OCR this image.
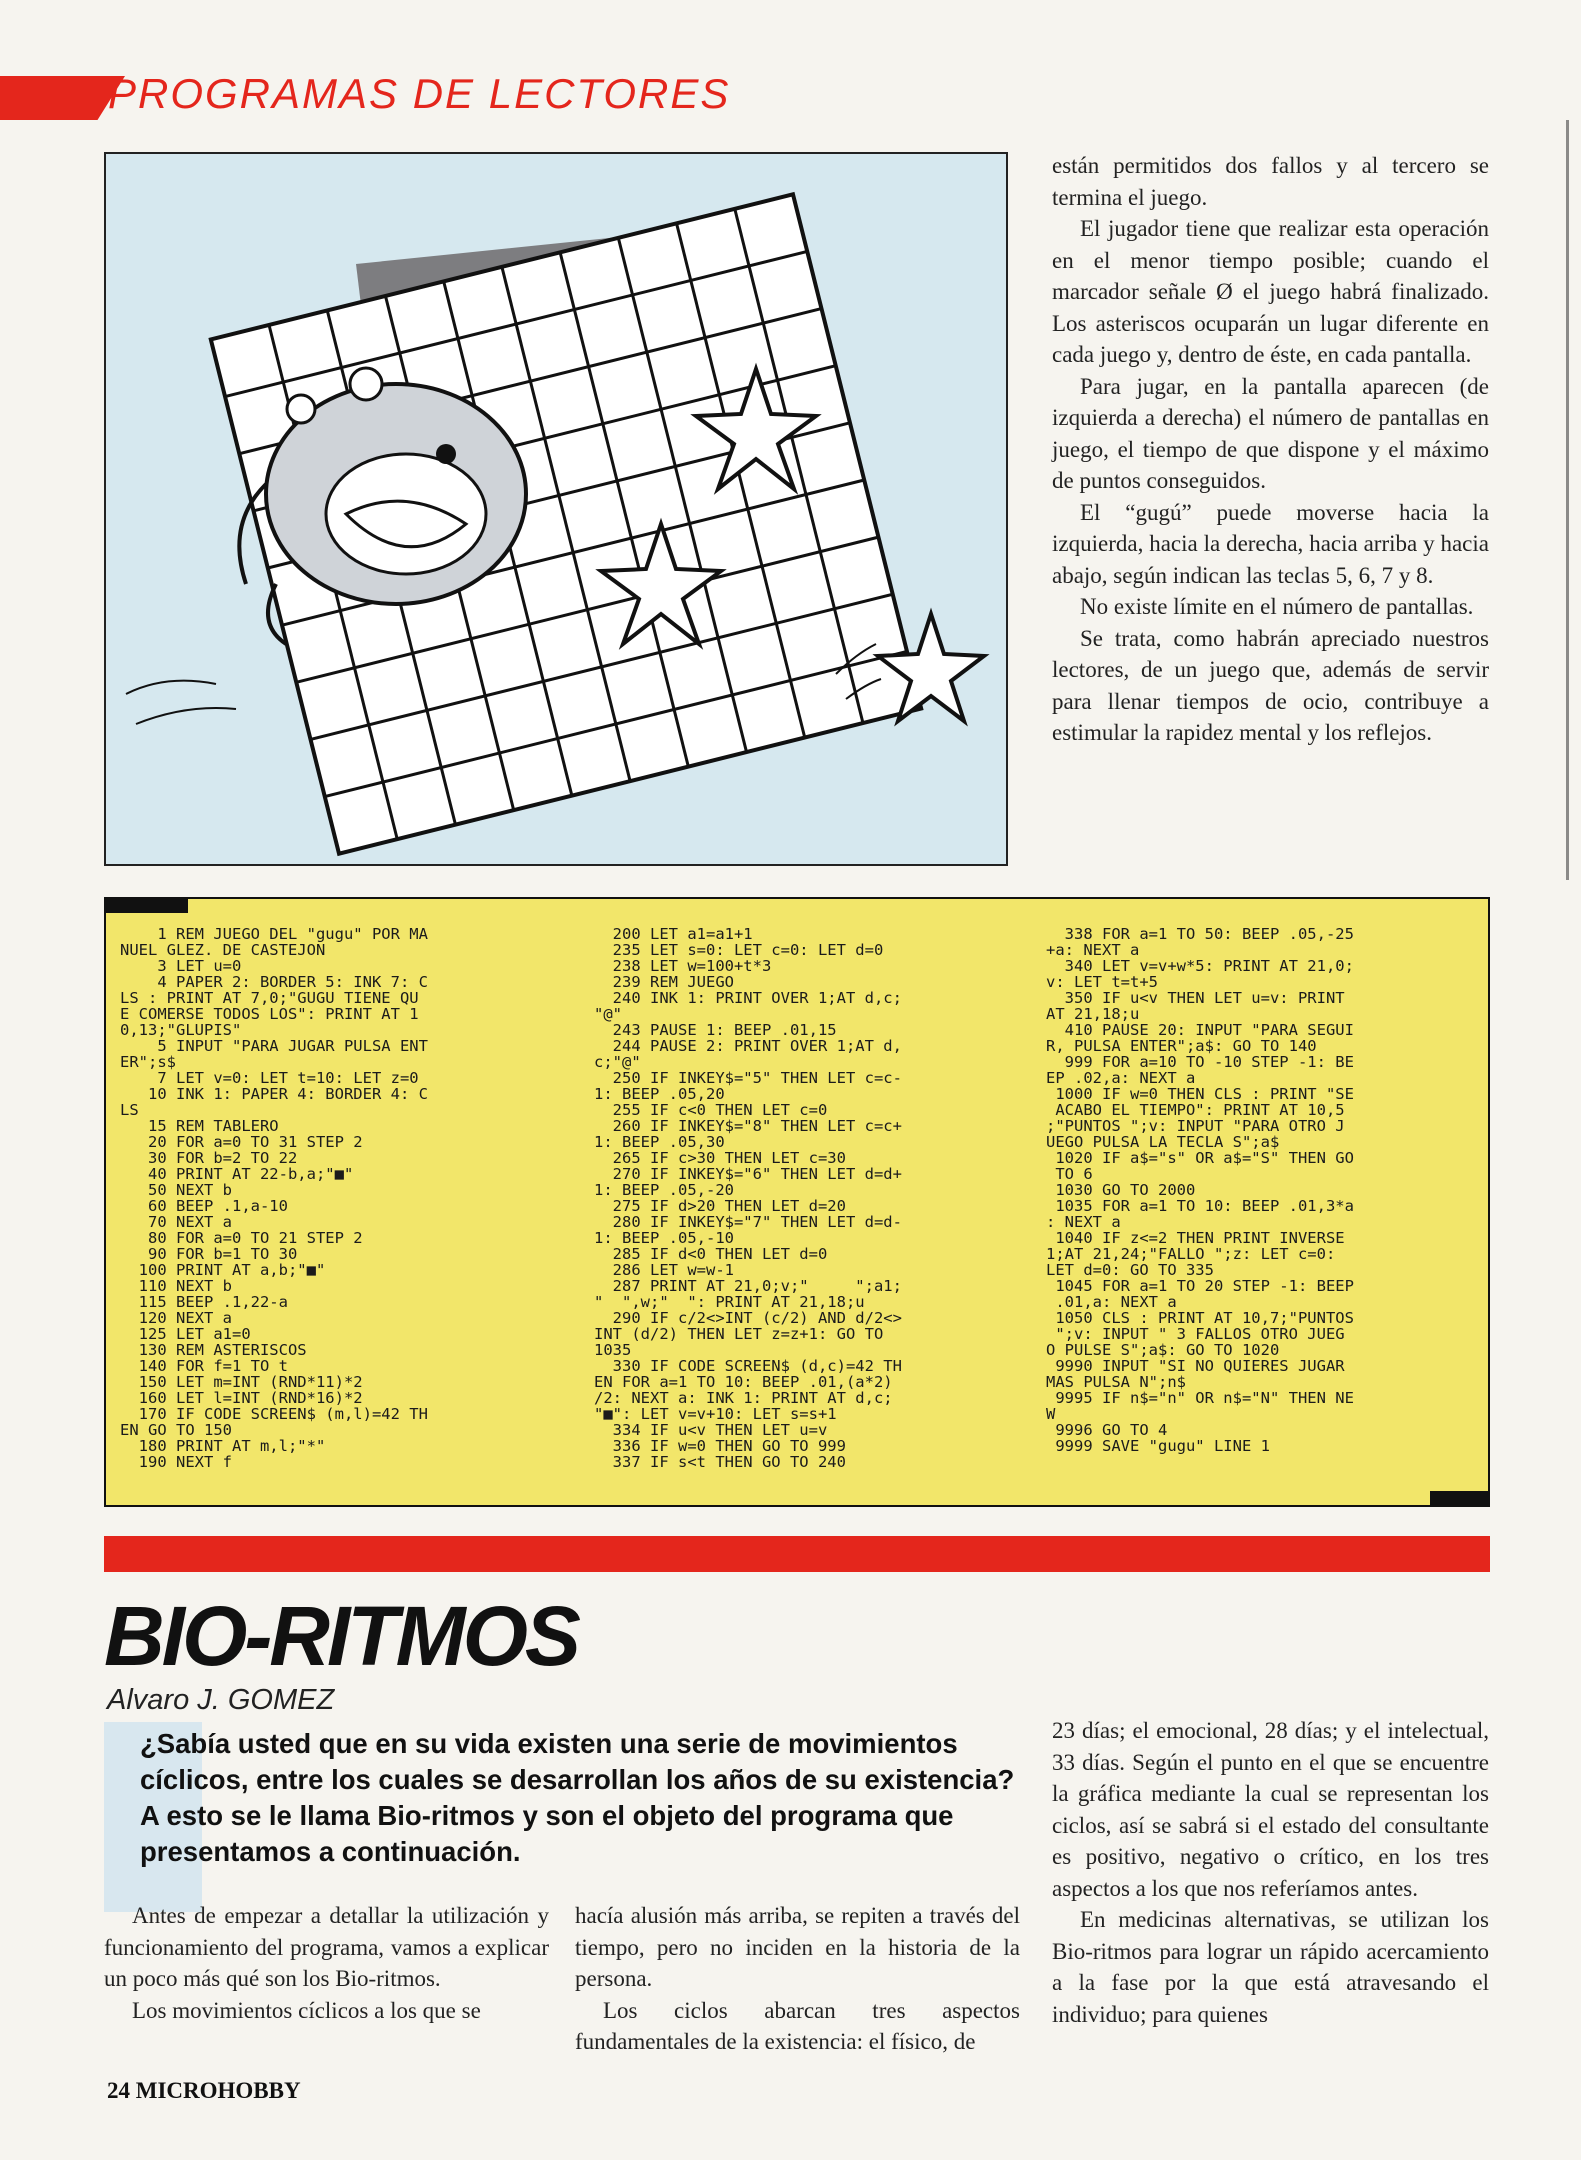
PROGRAMAS DE LECTORES

están permitidos dos fallos y al tercero se termina el juego.

El jugador tiene que realizar esta operación en el menor tiempo posible; cuando el marcador señale Ø el juego habrá finalizado. Los asteriscos ocuparán un lugar diferente en cada juego y, dentro de éste, en cada pantalla.

Para jugar, en la pantalla aparecen (de izquierda a derecha) el número de pantallas en juego, el tiempo de que dispone y el máximo de puntos conseguidos.

El “gugú” puede moverse hacia la izquierda, hacia la derecha, hacia arriba y hacia abajo, según indican las teclas 5, 6, 7 y 8.

No existe límite en el número de pantallas.

Se trata, como habrán apreciado nuestros lectores, de un juego que, además de servir para llenar tiempos de ocio, contribuye a estimular la rapidez mental y los reflejos.

1 REM JUEGO DEL "gugu" POR MA
NUEL GLEZ. DE CASTEJON
3 LET u=0
4 PAPER 2: BORDER 5: INK 7: C
LS : PRINT AT 7,0;"GUGU TIENE QU
E COMERSE TODOS LOS": PRINT AT 1
0,13;"GLUPIS"
5 INPUT "PARA JUGAR PULSA ENT
ER";s$
7 LET v=0: LET t=10: LET z=0
10 INK 1: PAPER 4: BORDER 4: C
LS
15 REM TABLERO
20 FOR a=0 TO 31 STEP 2
30 FOR b=2 TO 22
40 PRINT AT 22-b,a;"■"
50 NEXT b
60 BEEP .1,a-10
70 NEXT a
80 FOR a=0 TO 21 STEP 2
90 FOR b=1 TO 30
100 PRINT AT a,b;"■"
110 NEXT b
115 BEEP .1,22-a
120 NEXT a
125 LET a1=0
130 REM ASTERISCOS
140 FOR f=1 TO t
150 LET m=INT (RND*11)*2
160 LET l=INT (RND*16)*2
170 IF CODE SCREEN$ (m,l)=42 TH
EN GO TO 150
180 PRINT AT m,l;"*"
190 NEXT f
200 LET a1=a1+1
235 LET s=0: LET c=0: LET d=0
238 LET w=100+t*3
239 REM JUEGO
240 INK 1: PRINT OVER 1;AT d,c;
"@"
243 PAUSE 1: BEEP .01,15
244 PAUSE 2: PRINT OVER 1;AT d,
c;"@"
250 IF INKEY$="5" THEN LET c=c-
1: BEEP .05,20
255 IF c<0 THEN LET c=0
260 IF INKEY$="8" THEN LET c=c+
1: BEEP .05,30
265 IF c>30 THEN LET c=30
270 IF INKEY$="6" THEN LET d=d+
1: BEEP .05,-20
275 IF d>20 THEN LET d=20
280 IF INKEY$="7" THEN LET d=d-
1: BEEP .05,-10
285 IF d<0 THEN LET d=0
286 LET w=w-1
287 PRINT AT 21,0;v;"     ";a1;
"  ",w;"  ": PRINT AT 21,18;u
290 IF c/2<>INT (c/2) AND d/2<>
INT (d/2) THEN LET z=z+1: GO TO
1035
330 IF CODE SCREEN$ (d,c)=42 TH
EN FOR a=1 TO 10: BEEP .01,(a*2)
/2: NEXT a: INK 1: PRINT AT d,c;
"■": LET v=v+10: LET s=s+1
334 IF u<v THEN LET u=v
336 IF w=0 THEN GO TO 999
337 IF s<t THEN GO TO 240
338 FOR a=1 TO 50: BEEP .05,-25
+a: NEXT a
340 LET v=v+w*5: PRINT AT 21,0;
v: LET t=t+5
350 IF u<v THEN LET u=v: PRINT
AT 21,18;u
410 PAUSE 20: INPUT "PARA SEGUI
R, PULSA ENTER";a$: GO TO 140
999 FOR a=10 TO -10 STEP -1: BE
EP .02,a: NEXT a
1000 IF w=0 THEN CLS : PRINT "SE
ACABO EL TIEMPO": PRINT AT 10,5
;"PUNTOS ";v: INPUT "PARA OTRO J
UEGO PULSA LA TECLA S";a$
1020 IF a$="s" OR a$="S" THEN GO
TO 6
1030 GO TO 2000
1035 FOR a=1 TO 10: BEEP .01,3*a
: NEXT a
1040 IF z<=2 THEN PRINT INVERSE
1;AT 21,24;"FALLO ";z: LET c=0:
LET d=0: GO TO 335
1045 FOR a=1 TO 20 STEP -1: BEEP
.01,a: NEXT a
1050 CLS : PRINT AT 10,7;"PUNTOS
";v: INPUT " 3 FALLOS OTRO JUEG
O PULSE S";a$: GO TO 1020
9990 INPUT "SI NO QUIERES JUGAR
MAS PULSA N";n$
9995 IF n$="n" OR n$="N" THEN NE
W
9996 GO TO 4
9999 SAVE "gugu" LINE 1
BIO-RITMOS
Alvaro J. GOMEZ
¿Sabía usted que en su vida existen una serie de movimientos cíclicos, entre los cuales se desarrollan los años de su existencia? A esto se le llama Bio-ritmos y son el objeto del programa que presentamos a continuación.

Antes de empezar a detallar la utilización y funcionamiento del programa, vamos a explicar un poco más qué son los Bio-ritmos.

Los movimientos cíclicos a los que se

hacía alusión más arriba, se repiten a través del tiempo, pero no inciden en la historia de la persona.

Los ciclos abarcan tres aspectos fundamentales de la existencia: el físico, de

23 días; el emocional, 28 días; y el intelectual, 33 días. Según el punto en el que se encuentre la gráfica mediante la cual se representan los ciclos, así se sabrá si el estado del consultante es positivo, negativo o crítico, en los tres aspectos a los que nos referíamos antes.

En medicinas alternativas, se utilizan los Bio-ritmos para lograr un rápido acercamiento a la fase por la que está atravesando el individuo; para quienes

24 MICROHOBBY
